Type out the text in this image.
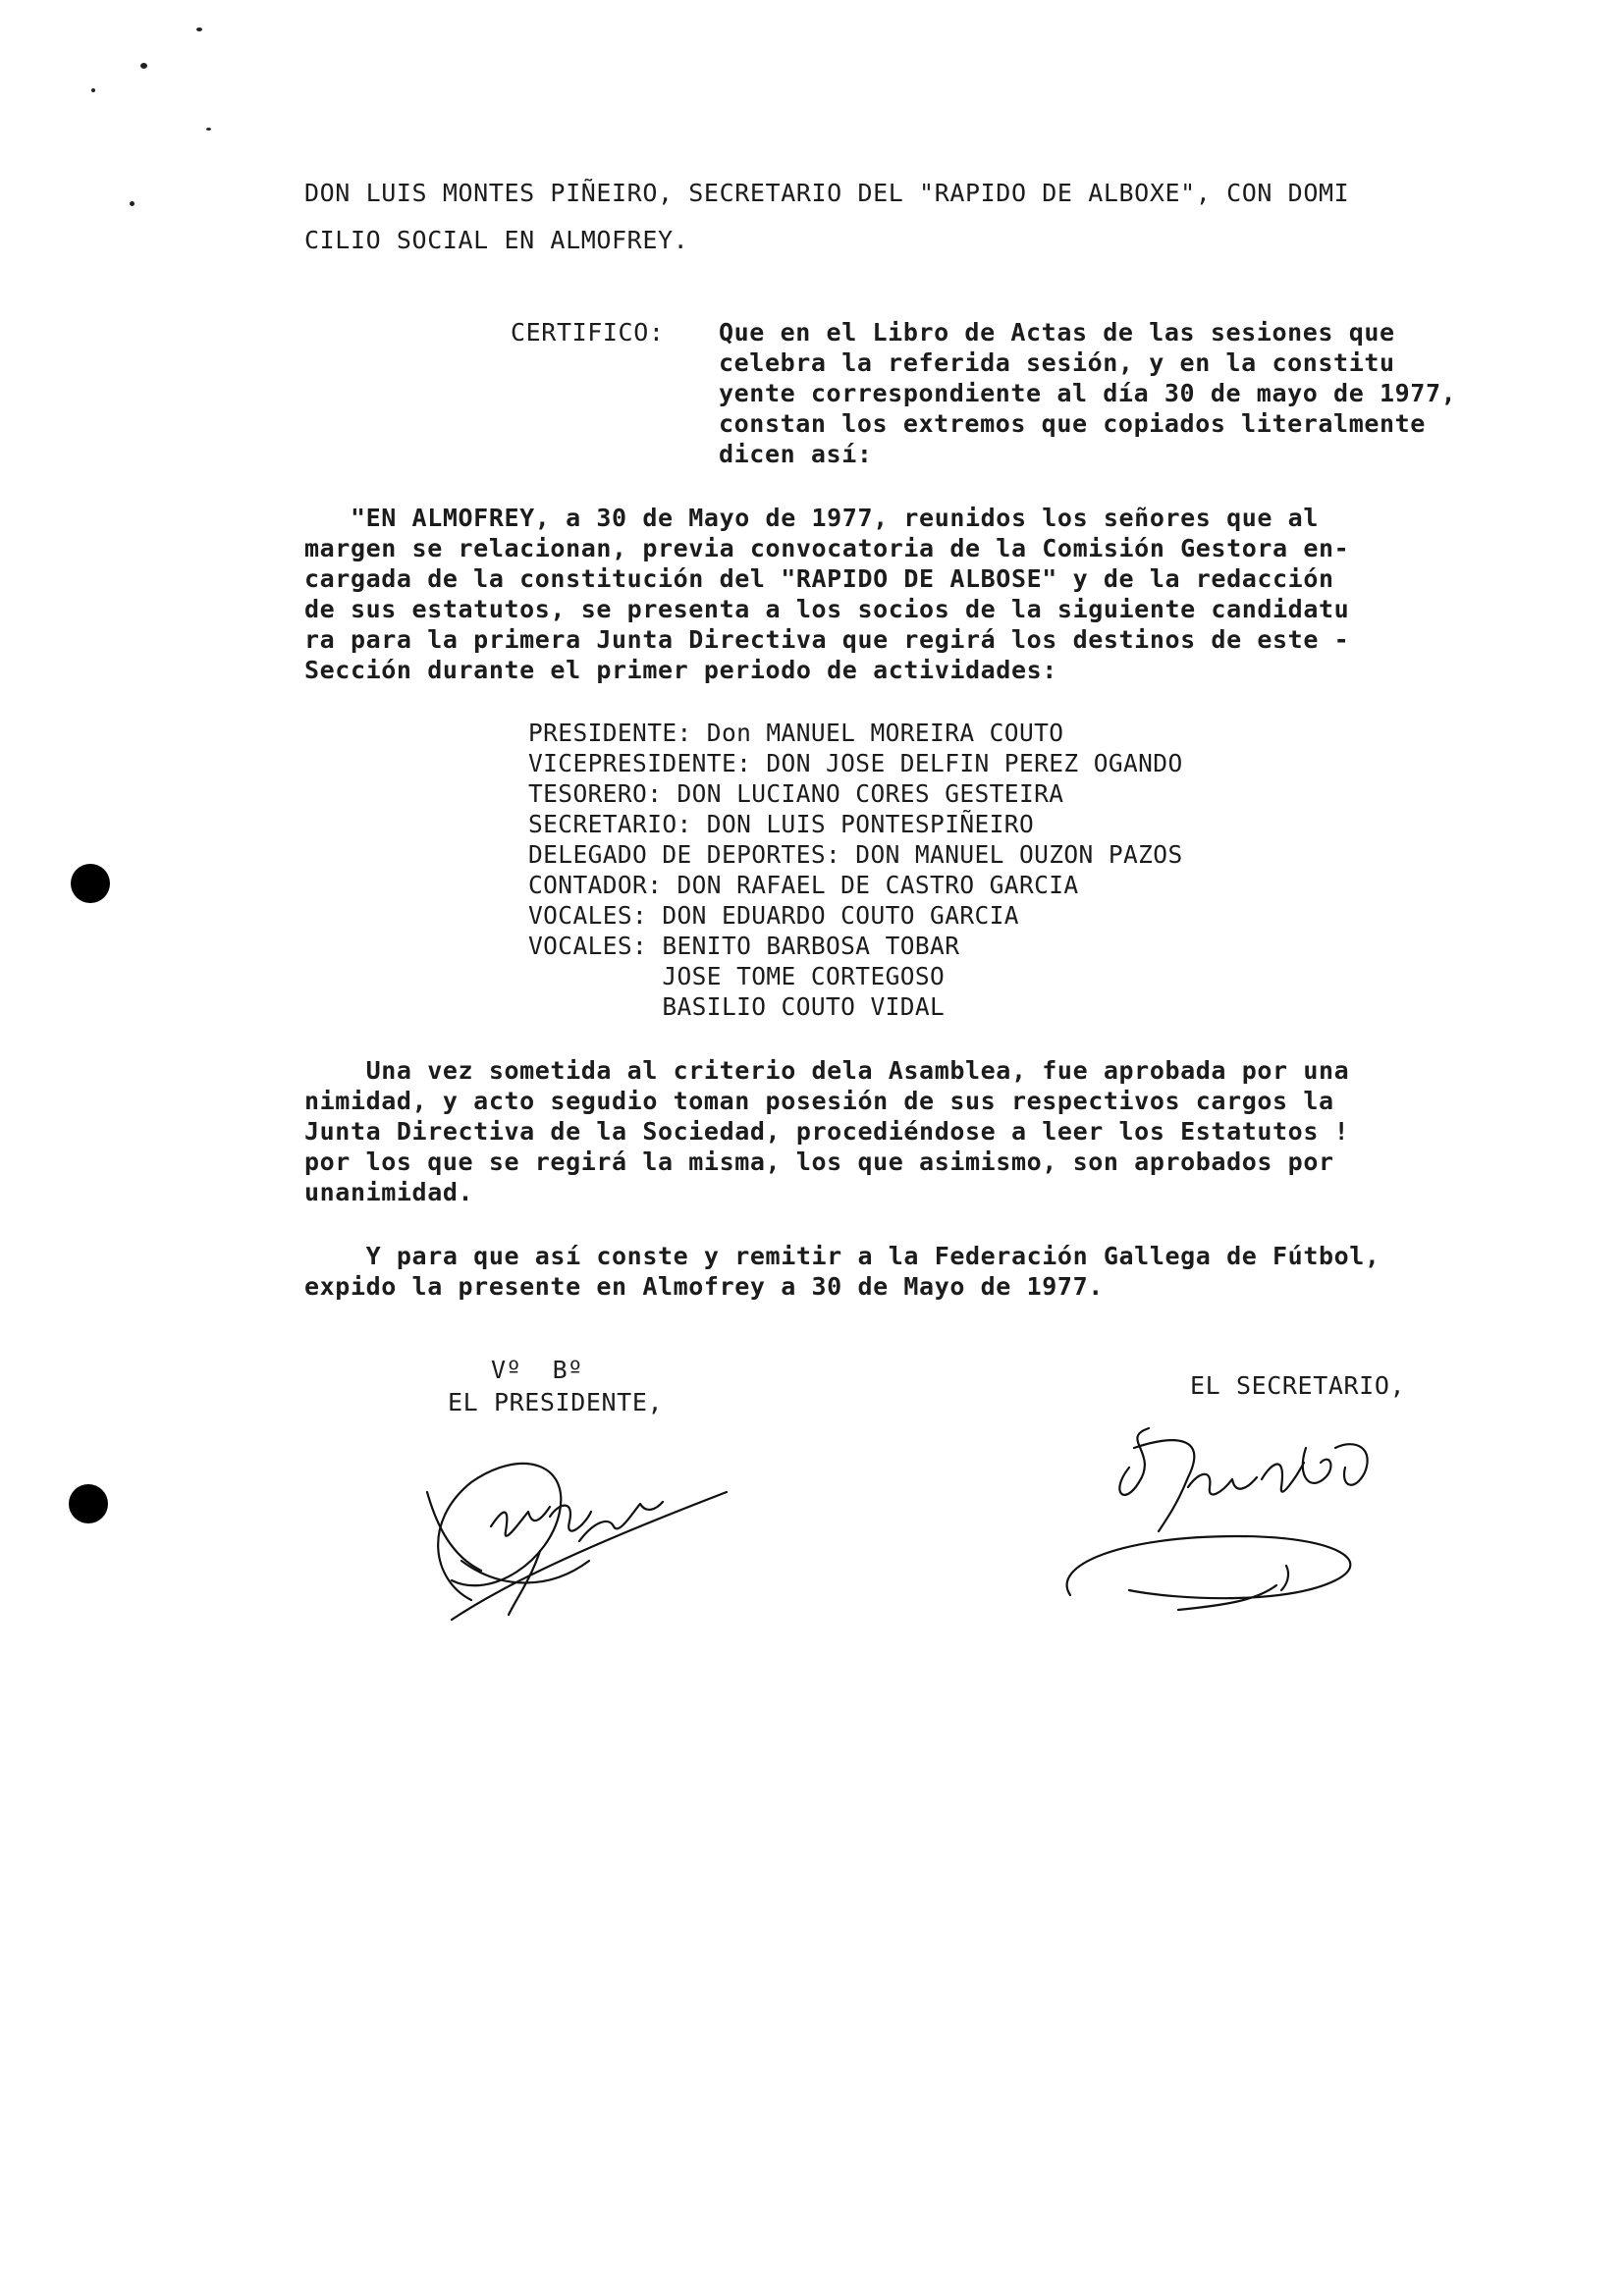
DON LUIS MONTES PIÑEIRO, SECRETARIO DEL "RAPIDO DE ALBOXE", CON DOMI
CILIO SOCIAL EN ALMOFREY.
CERTIFICO: Que en el Libro de Actas de las sesiones que
celebra la referida sesión, y en la constitu
yente correspondiente al día 30 de mayo de 1977,
constan los extremos que copiados literalmente
dicen así:
"EN ALMOFREY, a 30 de Mayo de 1977, reunidos los señores que al
margen se relacionan, previa convocatoria de la Comisión Gestora en-
cargada de la constitución del "RAPIDO DE ALBOSE" y de la redacción
de sus estatutos, se presenta a los socios de la siguiente candidatu
ra para la primera Junta Directiva que regirá los destinos de este -
Sección durante el primer periodo de actividades:
PRESIDENTE: Don MANUEL MOREIRA COUTO
VICEPRESIDENTE: DON JOSE DELFIN PEREZ OGANDO
TESORERO: DON LUCIANO CORES GESTEIRA
SECRETARIO: DON LUIS PONTESPIÑEIRO
DELEGADO DE DEPORTES: DON MANUEL OUZON PAZOS
CONTADOR: DON RAFAEL DE CASTRO GARCIA
VOCALES: DON EDUARDO COUTO GARCIA
VOCALES: BENITO BARBOSA TOBAR
JOSE TOME CORTEGOSO
BASILIO COUTO VIDAL
Una vez sometida al criterio dela Asamblea, fue aprobada por una
nimidad, y acto segudio toman posesión de sus respectivos cargos la
Junta Directiva de la Sociedad, procediéndose a leer los Estatutos !
por los que se regirá la misma, los que asimismo, son aprobados por
unanimidad.
Y para que así conste y remitir a la Federación Gallega de Fútbol,
expido la presente en Almofrey a 30 de Mayo de 1977.
Vº  Bº
EL PRESIDENTE,
EL SECRETARIO,
